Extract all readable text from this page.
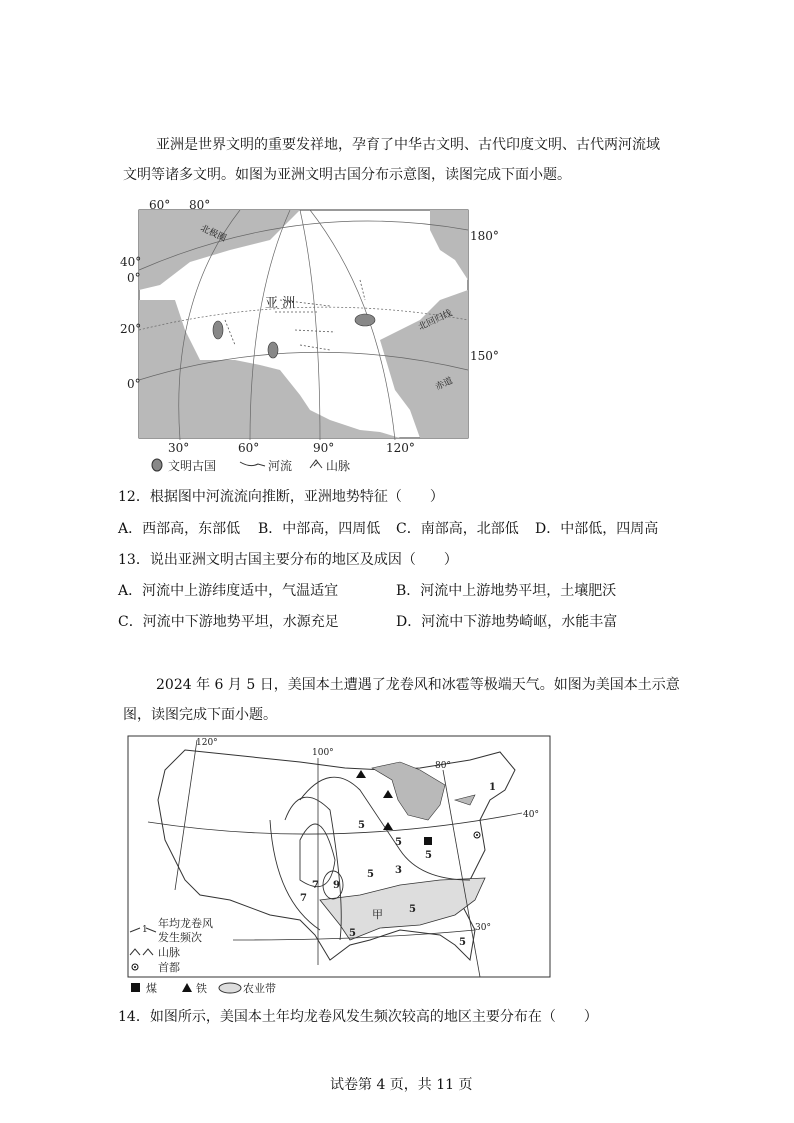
亚洲是世界文明的重要发祥地，孕育了中华古文明、古代印度文明、古代两河流域
文明等诸多文明。如图为亚洲文明古国分布示意图，读图完成下面小题。
60° 80°
40°
0°
20°
0°
180°
150°
30°	60°	90°	120°
亚 洲
北极圈
北回归线
赤道
文明古国	河流	山脉
12．根据图中河流流向推断，亚洲地势特征（　　）
A．西部高，东部低 B．中部高，四周低 C．南部高，北部低 D．中部低，四周高
13．说出亚洲文明古国主要分布的地区及成因（　　）
A．河流中上游纬度适中，气温适宜	B．河流中上游地势平坦，土壤肥沃
C．河流中下游地势平坦，水源充足	D．河流中下游地势崎岖，水能丰富
2024 年 6 月 5 日，美国本土遭遇了龙卷风和冰雹等极端天气。如图为美国本土示意
图，读图完成下面小题。
120°
100°
80°
40°
30°
5
5
5
3
7 9
7
5
5
5
5
1
甲
1 年均龙卷风
发生频次
山脉
首都
煤	铁	农业带
14．如图所示，美国本土年均龙卷风发生频次较高的地区主要分布在（　　）
试卷第 4 页，共 11 页
